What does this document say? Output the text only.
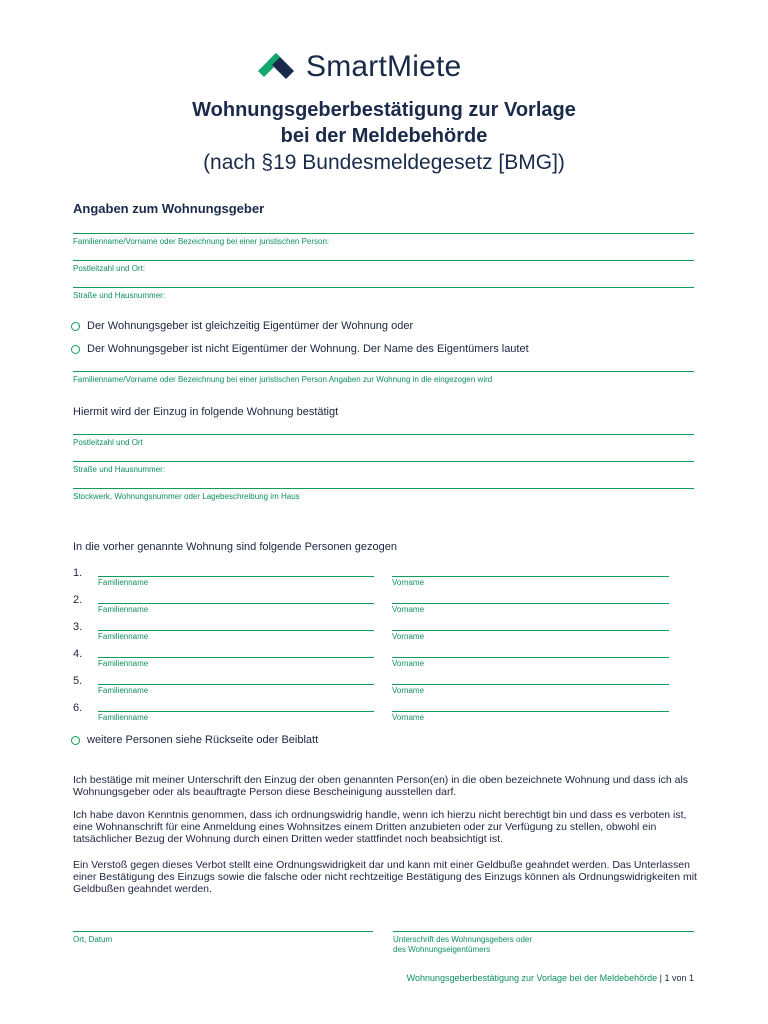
SmartMiete
Wohnungsgeberbestätigung zur Vorlage
bei der Meldebehörde
(nach §19 Bundesmeldegesetz [BMG])
Angaben zum Wohnungsgeber
Familienname/Vorname oder Bezeichnung bei einer juristischen Person:
Postleitzahl und Ort:
Straße und Hausnummer:
Der Wohnungsgeber ist gleichzeitig Eigentümer der Wohnung oder
Der Wohnungsgeber ist nicht Eigentümer der Wohnung. Der Name des Eigentümers lautet
Familienname/Vorname oder Bezeichnung bei einer juristischen Person Angaben zur Wohnung in die eingezogen wird
Hiermit wird der Einzug in folgende Wohnung bestätigt
Postleitzahl und Ort
Straße und Hausnummer:
Stockwerk, Wohnungsnummer oder Lagebeschreibung im Haus
In die vorher genannte Wohnung sind folgende Personen gezogen
1.
Familienname	Vorname
2.
Familienname	Vorname
3.
Familienname	Vorname
4.
Familienname	Vorname
5.
Familienname	Vorname
6.
Familienname	Vorname
weitere Personen siehe Rückseite oder Beiblatt
Ich bestätige mit meiner Unterschrift den Einzug der oben genannten Person(en) in die oben bezeichnete Wohnung und dass ich als Wohnungsgeber oder als beauftragte Person diese Bescheinigung ausstellen darf.
Ich habe davon Kenntnis genommen, dass ich ordnungswidrig handle, wenn ich hierzu nicht berechtigt bin und dass es verboten ist, eine Wohnanschrift für eine Anmeldung eines Wohnsitzes einem Dritten anzubieten oder zur Verfügung zu stellen, obwohl ein tatsächlicher Bezug der Wohnung durch einen Dritten weder stattfindet noch beabsichtigt ist.
Ein Verstoß gegen dieses Verbot stellt eine Ordnungswidrigkeit dar und kann mit einer Geldbuße geahndet werden. Das Unterlassen einer Bestätigung des Einzugs sowie die falsche oder nicht rechtzeitige Bestätigung des Einzugs können als Ordnungswidrigkeiten mit Geldbußen geahndet werden.
Ort, Datum	Unterschrift des Wohnungsgebers oder
des Wohnungseigentümers
Wohnungsgeberbestätigung zur Vorlage bei der Meldebehörde | 1 von 1
